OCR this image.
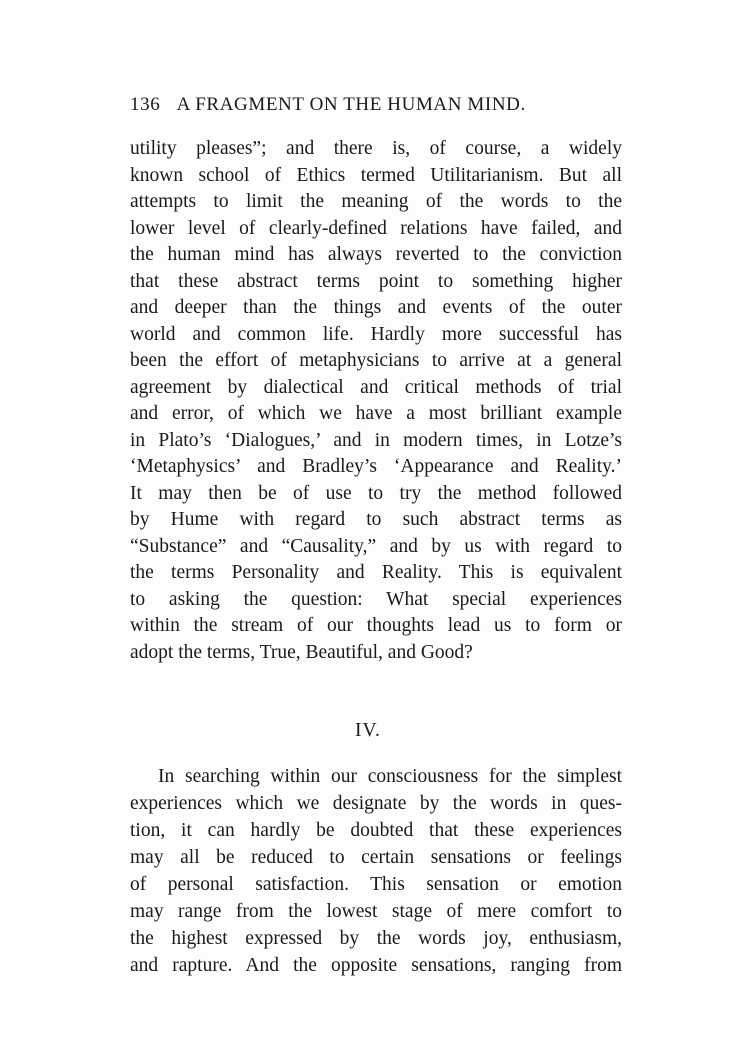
136 A FRAGMENT ON THE HUMAN MIND.
utility pleases”; and there is, of course, a widely
known school of Ethics termed Utilitarianism. But all
attempts to limit the meaning of the words to the
lower level of clearly-defined relations have failed, and
the human mind has always reverted to the conviction
that these abstract terms point to something higher
and deeper than the things and events of the outer
world and common life. Hardly more successful has
been the effort of metaphysicians to arrive at a general
agreement by dialectical and critical methods of trial
and error, of which we have a most brilliant example
in Plato’s ‘Dialogues,’ and in modern times, in Lotze’s
‘Metaphysics’ and Bradley’s ‘Appearance and Reality.’
It may then be of use to try the method followed
by Hume with regard to such abstract terms as
“Substance” and “Causality,” and by us with regard to
the terms Personality and Reality. This is equivalent
to asking the question: What special experiences
within the stream of our thoughts lead us to form or
adopt the terms, True, Beautiful, and Good?
IV.
In searching within our consciousness for the simplest
experiences which we designate by the words in ques-
tion, it can hardly be doubted that these experiences
may all be reduced to certain sensations or feelings
of personal satisfaction. This sensation or emotion
may range from the lowest stage of mere comfort to
the highest expressed by the words joy, enthusiasm,
and rapture. And the opposite sensations, ranging from
